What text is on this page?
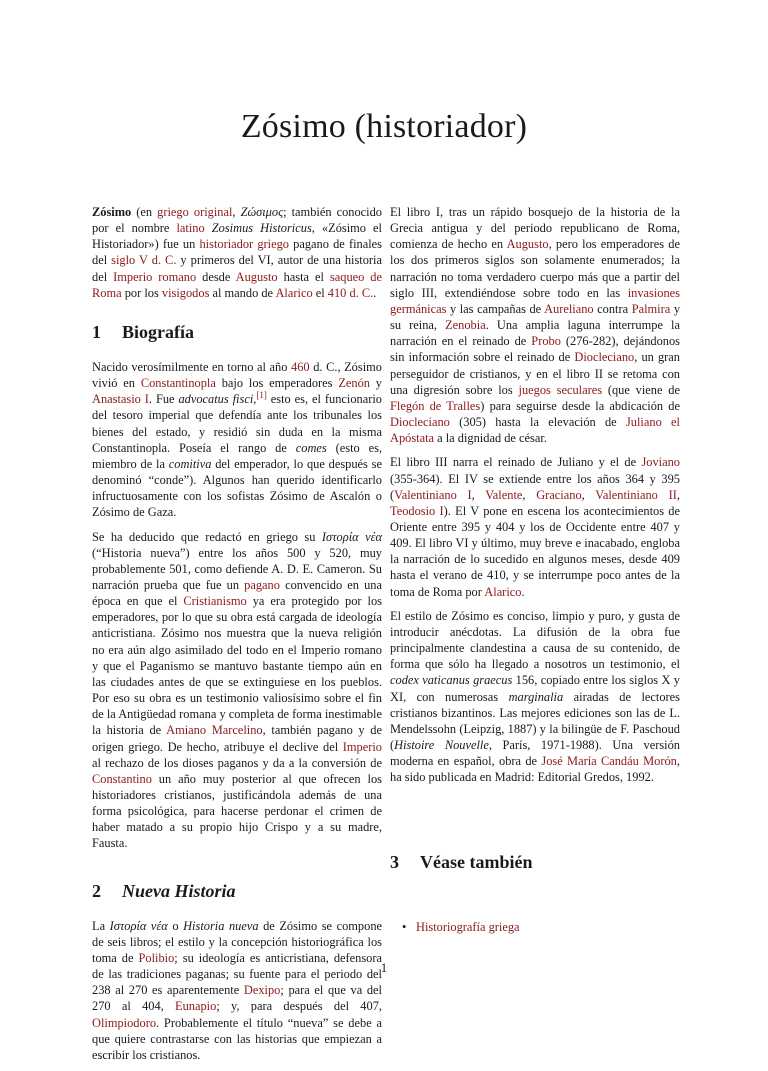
Zósimo (historiador)

Zósimo (en griego original, Ζώσιμος; también conocido por el nombre latino Zosimus Historicus, «Zósimo el Historiador») fue un historiador griego pagano de finales del siglo V d. C. y primeros del VI, autor de una historia del Imperio romano desde Augusto hasta el saqueo de Roma por los visigodos al mando de Alarico el 410 d. C..

1	Biografía

Nacido verosímilmente en torno al año 460 d. C., Zósimo vivió en Constantinopla bajo los emperadores Zenón y Anastasio I. Fue advocatus fisci,[1] esto es, el funcionario del tesoro imperial que defendía ante los tribunales los bienes del estado, y residió sin duda en la misma Constantinopla. Poseía el rango de comes (esto es, miembro de la comitiva del emperador, lo que después se denominó “conde”). Algunos han querido identificarlo infructuosamente con los sofistas Zósimo de Ascalón o Zósimo de Gaza.

Se ha deducido que redactó en griego su Ιστορία νέα (“Historia nueva”) entre los años 500 y 520, muy probablemente 501, como defiende A. D. E. Cameron. Su narración prueba que fue un pagano convencido en una época en que el Cristianismo ya era protegido por los emperadores, por lo que su obra está cargada de ideología anticristiana. Zósimo nos muestra que la nueva religión no era aún algo asimilado del todo en el Imperio romano y que el Paganismo se mantuvo bastante tiempo aún en las ciudades antes de que se extinguiese en los pueblos. Por eso su obra es un testimonio valiosísimo sobre el fin de la Antigüedad romana y completa de forma inestimable la historia de Amiano Marcelino, también pagano y de origen griego. De hecho, atribuye el declive del Imperio al rechazo de los dioses paganos y da a la conversión de Constantino un año muy posterior al que ofrecen los historiadores cristianos, justificándola además de una forma psicológica, para hacerse perdonar el crimen de haber matado a su propio hijo Crispo y a su madre, Fausta.

2	Nueva Historia

La Ιστορία νέα o Historia nueva de Zósimo se compone de seis libros; el estilo y la concepción historiográfica los toma de Polibio; su ideología es anticristiana, defensora de las tradiciones paganas; su fuente para el periodo del 238 al 270 es aparentemente Dexipo; para el que va del 270 al 404, Eunapio; y, para después del 407, Olimpiodoro. Probablemente el título “nueva” se debe a que quiere contrastarse con las historias que empiezan a escribir los cristianos.

El libro I, tras un rápido bosquejo de la historia de la Grecia antigua y del periodo republicano de Roma, comienza de hecho en Augusto, pero los emperadores de los dos primeros siglos son solamente enumerados; la narración no toma verdadero cuerpo más que a partir del siglo III, extendiéndose sobre todo en las invasiones germánicas y las campañas de Aureliano contra Palmira y su reina, Zenobia. Una amplia laguna interrumpe la narración en el reinado de Probo (276-282), dejándonos sin información sobre el reinado de Diocleciano, un gran perseguidor de cristianos, y en el libro II se retoma con una digresión sobre los juegos seculares (que viene de Flegón de Tralles) para seguirse desde la abdicación de Diocleciano (305) hasta la elevación de Juliano el Apóstata a la dignidad de césar.

El libro III narra el reinado de Juliano y el de Joviano (355-364). El IV se extiende entre los años 364 y 395 (Valentiniano I, Valente, Graciano, Valentiniano II, Teodosio I). El V pone en escena los acontecimientos de Oriente entre 395 y 404 y los de Occidente entre 407 y 409. El libro VI y último, muy breve e inacabado, engloba la narración de lo sucedido en algunos meses, desde 409 hasta el verano de 410, y se interrumpe poco antes de la toma de Roma por Alarico.

El estilo de Zósimo es conciso, limpio y puro, y gusta de introducir anécdotas. La difusión de la obra fue principalmente clandestina a causa de su contenido, de forma que sólo ha llegado a nosotros un testimonio, el codex vaticanus graecus 156, copiado entre los siglos X y XI, con numerosas marginalia airadas de lectores cristianos bizantinos. Las mejores ediciones son las de L. Mendelssohn (Leipzig, 1887) y la bilingüe de F. Paschoud (Histoire Nouvelle, París, 1971-1988). Una versión moderna en español, obra de José María Candáu Morón, ha sido publicada en Madrid: Editorial Gredos, 1992.

3	Véase también
• Historiografía griega
1
